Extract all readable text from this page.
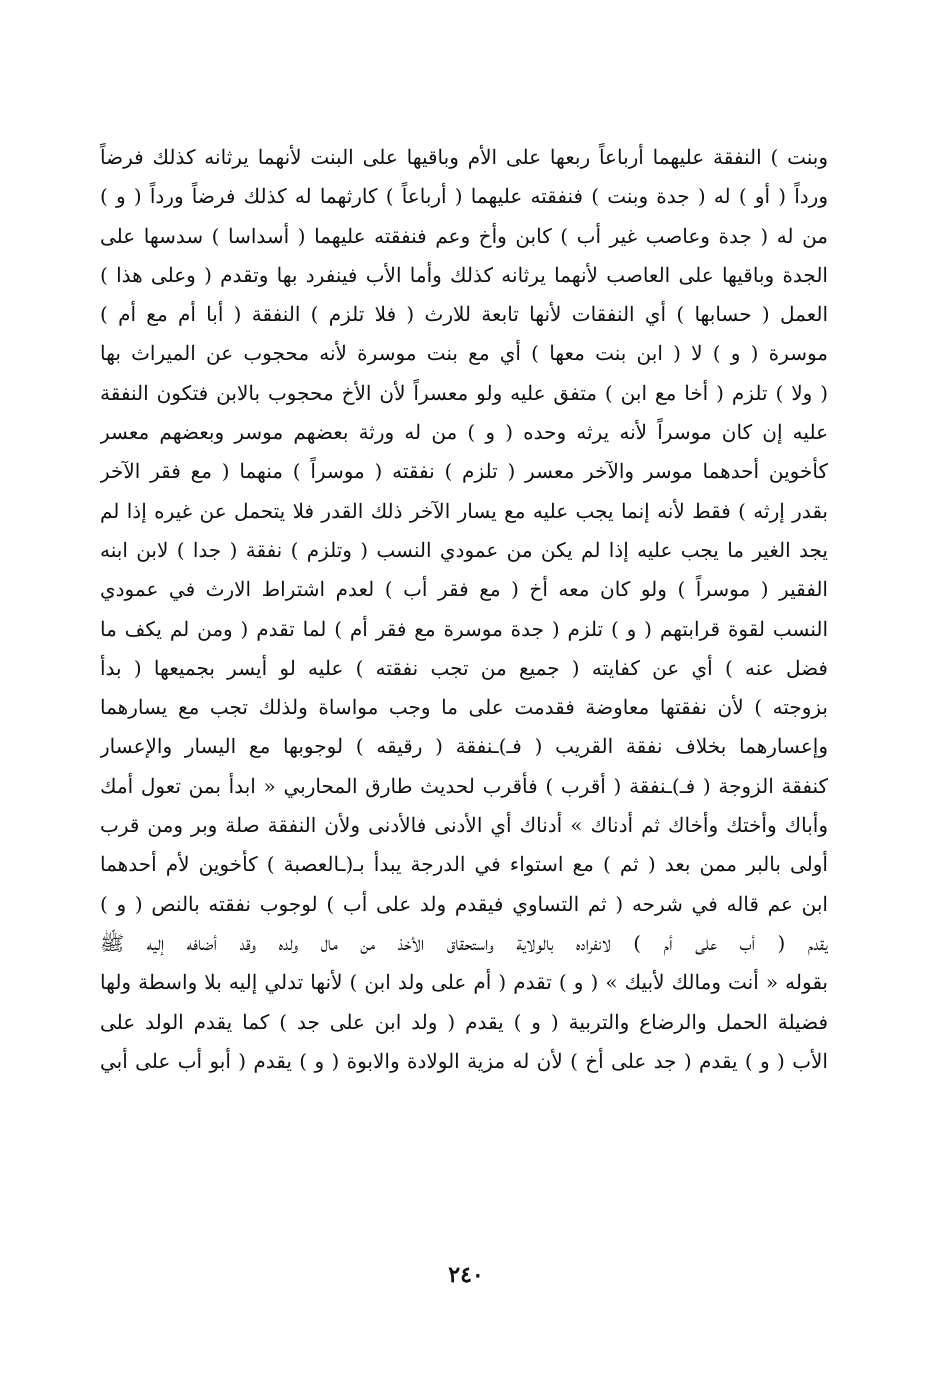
وبنت ) النفقة عليهما أرباعاً ربعها على الأم وباقيها على البنت لأنهما يرثانه كذلك فرضاً
ورداً ( أو ) له ( جدة وبنت ) فنفقته عليهما ( أرباعاً ) كارثهما له كذلك فرضاً ورداً ( و )
من له ( جدة وعاصب غير أب ) كابن وأخ وعم فنفقته عليهما ( أسداسا ) سدسها على
الجدة وباقيها على العاصب لأنهما يرثانه كذلك وأما الأب فينفرد بها وتقدم ( وعلى هذا )
العمل ( حسابها ) أي النفقات لأنها تابعة للارث ( فلا تلزم ) النفقة ( أبا أم مع أم )
موسرة ( و ) لا ( ابن بنت معها ) أي مع بنت موسرة لأنه محجوب عن الميراث بها
( ولا ) تلزم ( أخا مع ابن ) متفق عليه ولو معسراً لأن الأخ محجوب بالابن فتكون النفقة
عليه إن كان موسراً لأنه يرثه وحده ( و ) من له ورثة بعضهم موسر وبعضهم معسر
كأخوين أحدهما موسر والآخر معسر ( تلزم ) نفقته ( موسراً ) منهما ( مع فقر الآخر
بقدر إرثه ) فقط لأنه إنما يجب عليه مع يسار الآخر ذلك القدر فلا يتحمل عن غيره إذا لم
يجد الغير ما يجب عليه إذا لم يكن من عمودي النسب ( وتلزم ) نفقة ( جدا ) لابن ابنه
الفقير ( موسراً ) ولو كان معه أخ ( مع فقر أب ) لعدم اشتراط الارث في عمودي
النسب لقوة قرابتهم ( و ) تلزم ( جدة موسرة مع فقر أم ) لما تقدم ( ومن لم يكف ما
فضل عنه ) أي عن كفايته ( جميع من تجب نفقته ) عليه لو أيسر بجميعها ( بدأ
بزوجته ) لأن نفقتها معاوضة فقدمت على ما وجب مواساة ولذلك تجب مع يسارهما
وإعسارهما بخلاف نفقة القريب ( فـ)ـنفقة ( رقيقه ) لوجوبها مع اليسار والإعسار
كنفقة الزوجة ( فـ)ـنفقة ( أقرب ) فأقرب لحديث طارق المحاربي « ابدأ بمن تعول أمك
وأباك وأختك وأخاك ثم أدناك » أدناك أي الأدنى فالأدنى ولأن النفقة صلة وبر ومن قرب
أولى بالبر ممن بعد ( ثم ) مع استواء في الدرجة يبدأ بـ(ـالعصبة ) كأخوين لأم أحدهما
ابن عم قاله في شرحه ( ثم التساوي فيقدم ولد على أب ) لوجوب نفقته بالنص ( و )
يقدم ( أب على أم ) لانفراده بالولاية واستحقاق الأخذ من مال ولده وقد أضافه إليه ﷺ
بقوله « أنت ومالك لأبيك » ( و ) تقدم ( أم على ولد ابن ) لأنها تدلي إليه بلا واسطة ولها
فضيلة الحمل والرضاع والتربية ( و ) يقدم ( ولد ابن على جد ) كما يقدم الولد على
الأب ( و ) يقدم ( جد على أخ ) لأن له مزية الولادة والابوة ( و ) يقدم ( أبو أب على أبي
٢٤٠
